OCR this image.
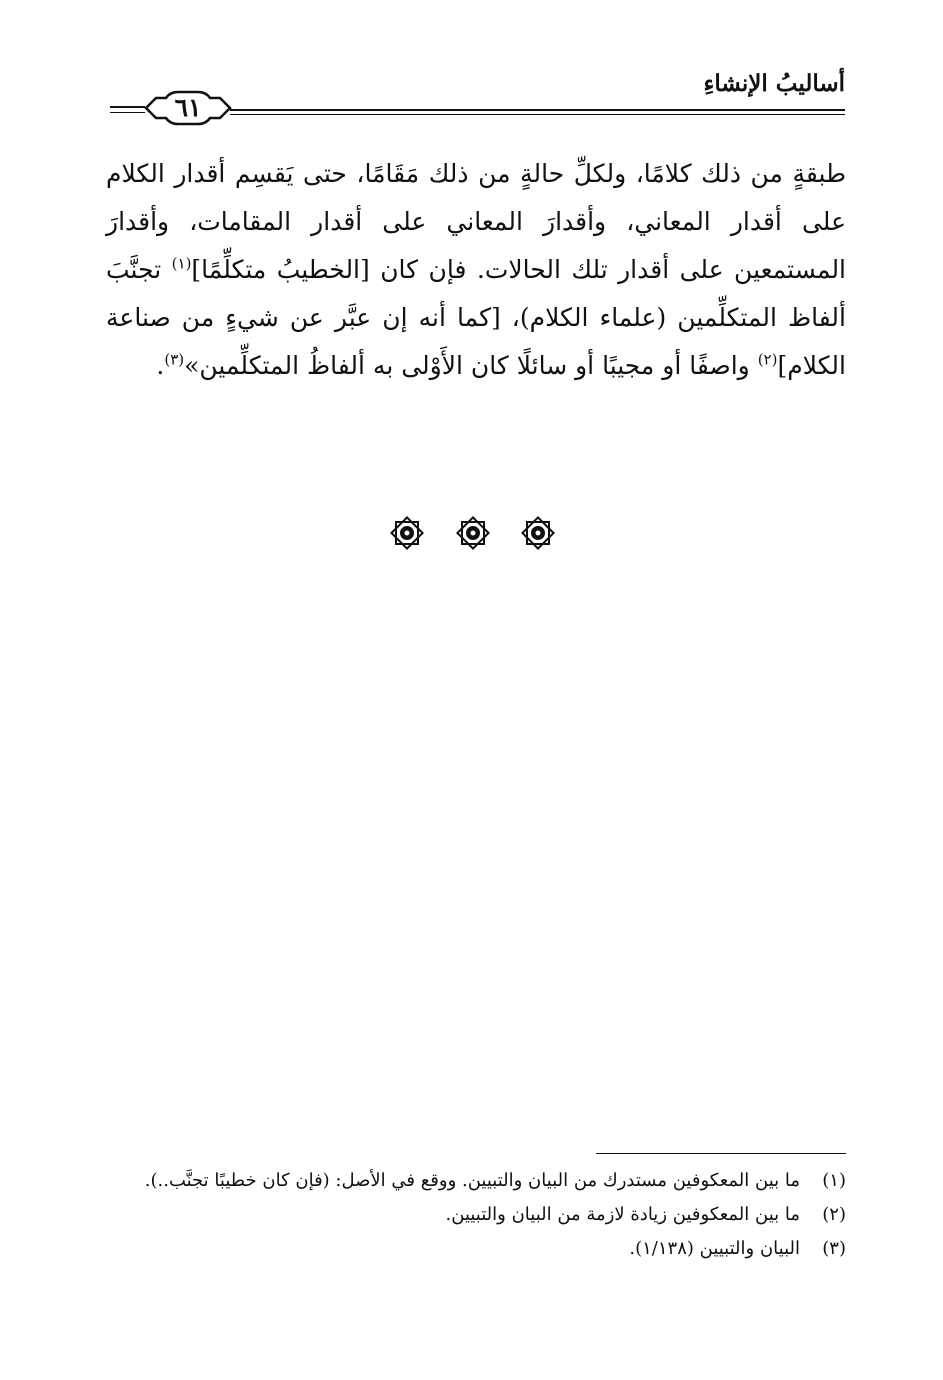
أساليبُ الإنشاءِ
٦١
طبقةٍ من ذلك كلامًا، ولكلِّ حالةٍ من ذلك مَقَامًا، حتى يَقسِم أقدار الكلام على أقدار المعاني، وأقدارَ المعاني على أقدار المقامات، وأقدارَ المستمعين على أقدار تلك الحالات. فإن كان [الخطيبُ متكلِّمًا]$^{(١)}$ تجنَّبَ ألفاظ المتكلِّمين (علماء الكلام)، [كما أنه إن عبَّر عن شيءٍ من صناعة الكلام]$^{(٢)}$ واصفًا أو مجيبًا أو سائلًا كان الأَوْلى به ألفاظُ المتكلِّمين»$^{(٣)}$.
(١)
ما بين المعكوفين مستدرك من البيان والتبيين. ووقع في الأصل: (فإن كان خطيبًا تجنَّب..).
(٢)
ما بين المعكوفين زيادة لازمة من البيان والتبيين.
(٣)
البيان والتبيين (١/١٣٨).
